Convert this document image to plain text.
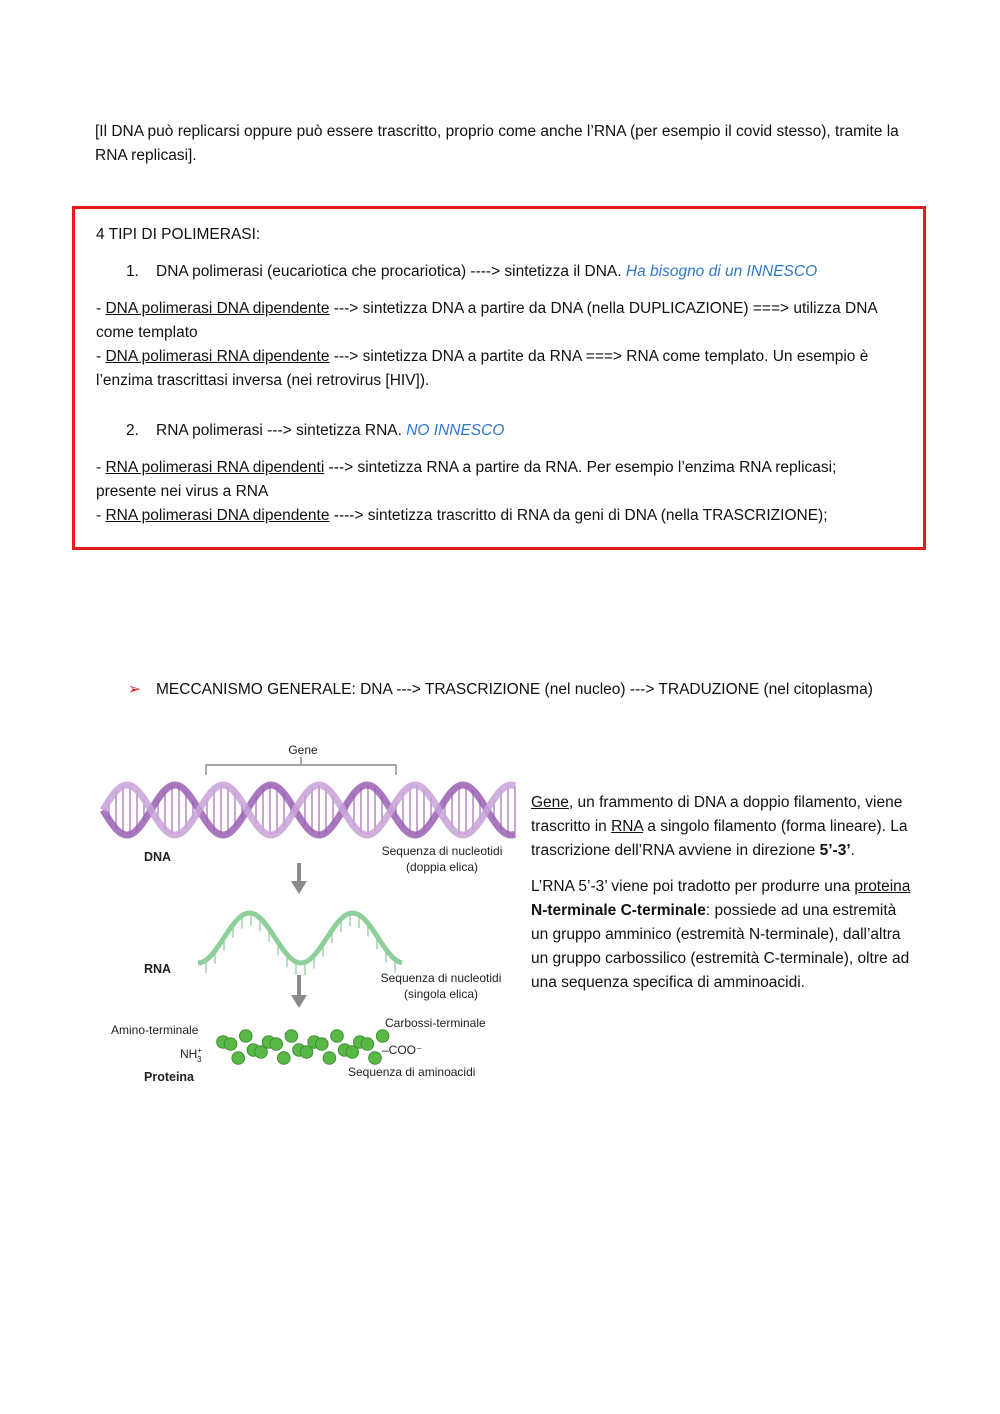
[Il DNA può replicarsi oppure può essere trascritto, proprio come anche l’RNA (per esempio il covid stesso), tramite la RNA replicasi].

4 TIPI DI POLIMERASI:

1. DNA polimerasi (eucariotica che procariotica) ----> sintetizza il DNA. Ha bisogno di un INNESCO

- DNA polimerasi DNA dipendente ---> sintetizza DNA a partire da DNA (nella DUPLICAZIONE) ===> utilizza DNA come templato

- DNA polimerasi RNA dipendente ---> sintetizza DNA a partite da RNA ===> RNA come templato. Un esempio è l’enzima trascrittasi inversa (nei retrovirus [HIV]).

2. RNA polimerasi ---> sintetizza RNA. NO INNESCO

- RNA polimerasi RNA dipendenti ---> sintetizza RNA a partire da RNA. Per esempio l’enzima RNA replicasi; presente nei virus a RNA

- RNA polimerasi DNA dipendente ----> sintetizza trascritto di RNA da geni di DNA (nella TRASCRIZIONE);

➢ MECCANISMO GENERALE: DNA ---> TRASCRIZIONE (nel nucleo) ---> TRADUZIONE (nel citoplasma)
Gene
DNA	Sequenza di nucleotidi
(doppia elica)
RNA
Sequenza di nucleotidi
(singola elica)
Amino-terminale
NH+ 3
Carbossi-terminale
–COO⁻
Proteina	Sequenza di aminoacidi

Gene, un frammento di DNA a doppio filamento, viene trascritto in RNA a singolo filamento (forma lineare). La trascrizione dell’RNA avviene in direzione 5’-3’.

L’RNA 5’-3’ viene poi tradotto per produrre una proteina N-terminale C-terminale: possiede ad una estremità un gruppo amminico (estremità N-terminale), dall’altra un gruppo carbossilico (estremità C-terminale), oltre ad una sequenza specifica di amminoacidi.
